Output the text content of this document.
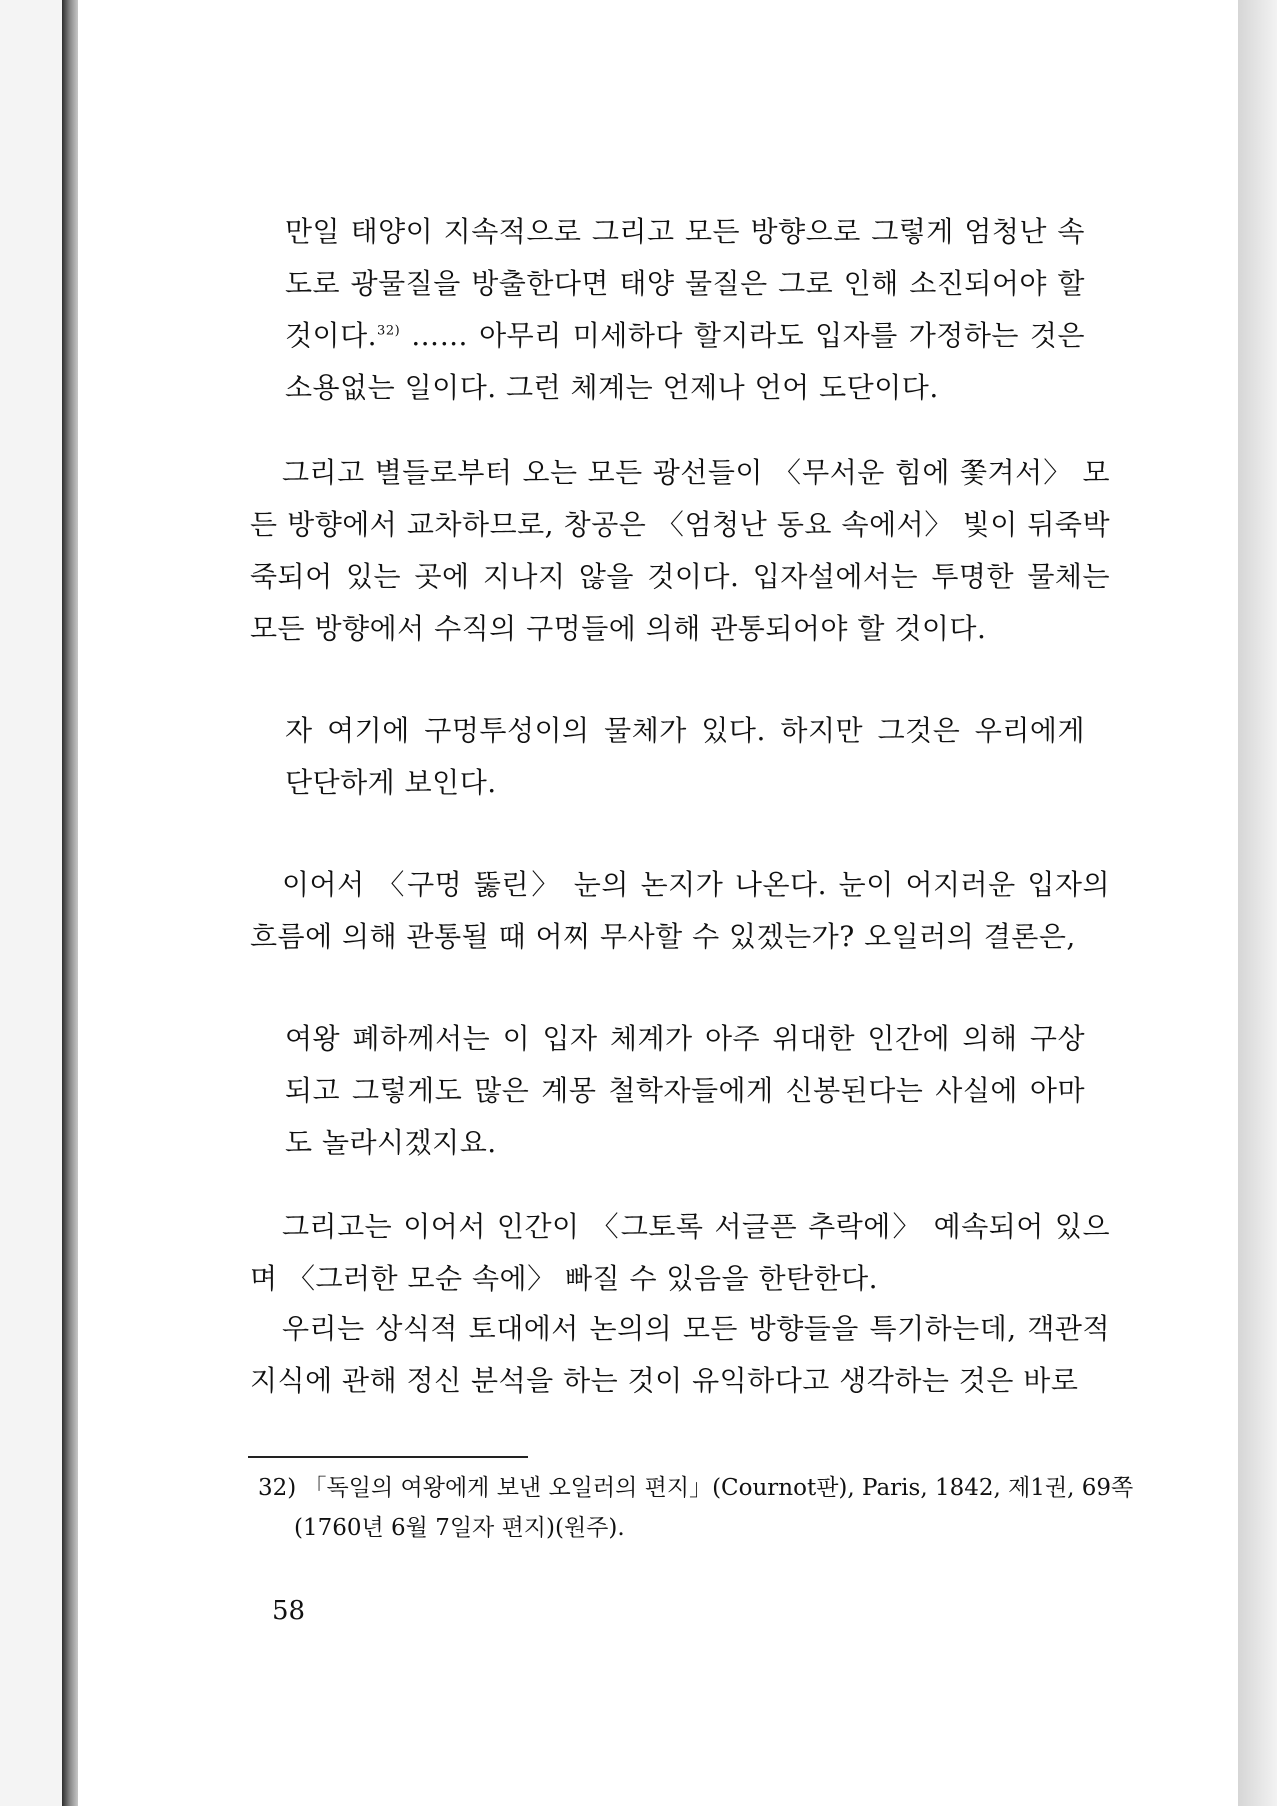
만일 태양이 지속적으로 그리고 모든 방향으로 그렇게 엄청난 속도로 광물질을 방출한다면 태양 물질은 그로 인해 소진되어야 할 것이다.$^{32)}$ …… 아무리 미세하다 할지라도 입자를 가정하는 것은 소용없는 일이다. 그런 체계는 언제나 언어 도단이다.

그리고 별들로부터 오는 모든 광선들이 〈무서운 힘에 쫓겨서〉 모든 방향에서 교차하므로, 창공은 〈엄청난 동요 속에서〉 빛이 뒤죽박죽되어 있는 곳에 지나지 않을 것이다. 입자설에서는 투명한 물체는 모든 방향에서 수직의 구멍들에 의해 관통되어야 할 것이다.

자 여기에 구멍투성이의 물체가 있다. 하지만 그것은 우리에게 단단하게 보인다.

이어서 〈구멍 뚫린〉 눈의 논지가 나온다. 눈이 어지러운 입자의 흐름에 의해 관통될 때 어찌 무사할 수 있겠는가? 오일러의 결론은,

여왕 폐하께서는 이 입자 체계가 아주 위대한 인간에 의해 구상되고 그렇게도 많은 계몽 철학자들에게 신봉된다는 사실에 아마도 놀라시겠지요.

그리고는 이어서 인간이 〈그토록 서글픈 추락에〉 예속되어 있으며 〈그러한 모순 속에〉 빠질 수 있음을 한탄한다.

우리는 상식적 토대에서 논의의 모든 방향들을 특기하는데, 객관적 지식에 관해 정신 분석을 하는 것이 유익하다고 생각하는 것은 바로

32) 「독일의 여왕에게 보낸 오일러의 편지」(Cournot판), Paris, 1842, 제1권, 69쪽 (1760년 6월 7일자 편지)(원주).

58
